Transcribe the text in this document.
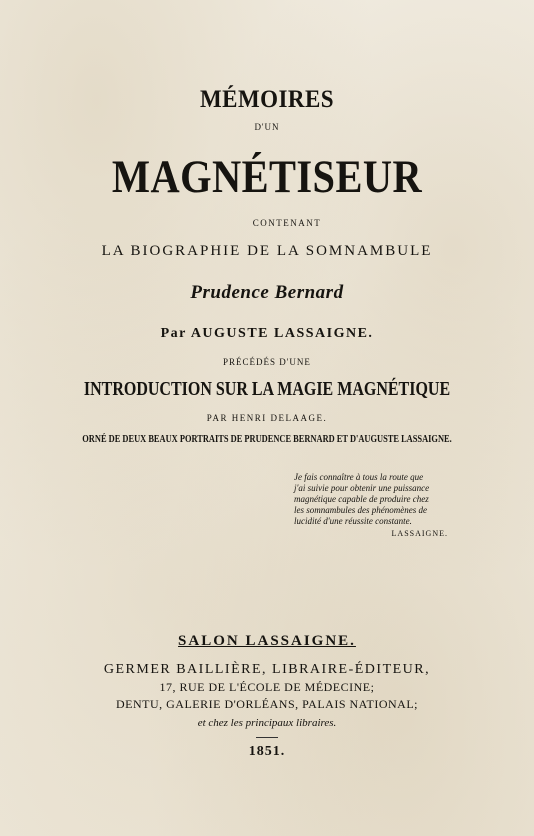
MÉMOIRES
D'UN
MAGNÉTISEUR
CONTENANT
LA BIOGRAPHIE DE LA SOMNAMBULE
Prudence Bernard
Par AUGUSTE LASSAIGNE.
PRÉCÉDÉS D'UNE
INTRODUCTION SUR LA MAGIE MAGNÉTIQUE
PAR HENRI DELAAGE.
ORNÉ DE DEUX BEAUX PORTRAITS DE PRUDENCE BERNARD ET D'AUGUSTE LASSAIGNE.
Je fais connaître à tous la route que
j'ai suivie pour obtenir une puissance
magnétique capable de produire chez
les somnambules des phénomènes de
lucidité d'une réussite constante.
LASSAIGNE.
SALON LASSAIGNE.
GERMER BAILLIÈRE, LIBRAIRE-ÉDITEUR,
17, RUE DE L'ÉCOLE DE MÉDECINE;
DENTU, GALERIE D'ORLÉANS, PALAIS NATIONAL;
et chez les principaux libraires.
1851.
